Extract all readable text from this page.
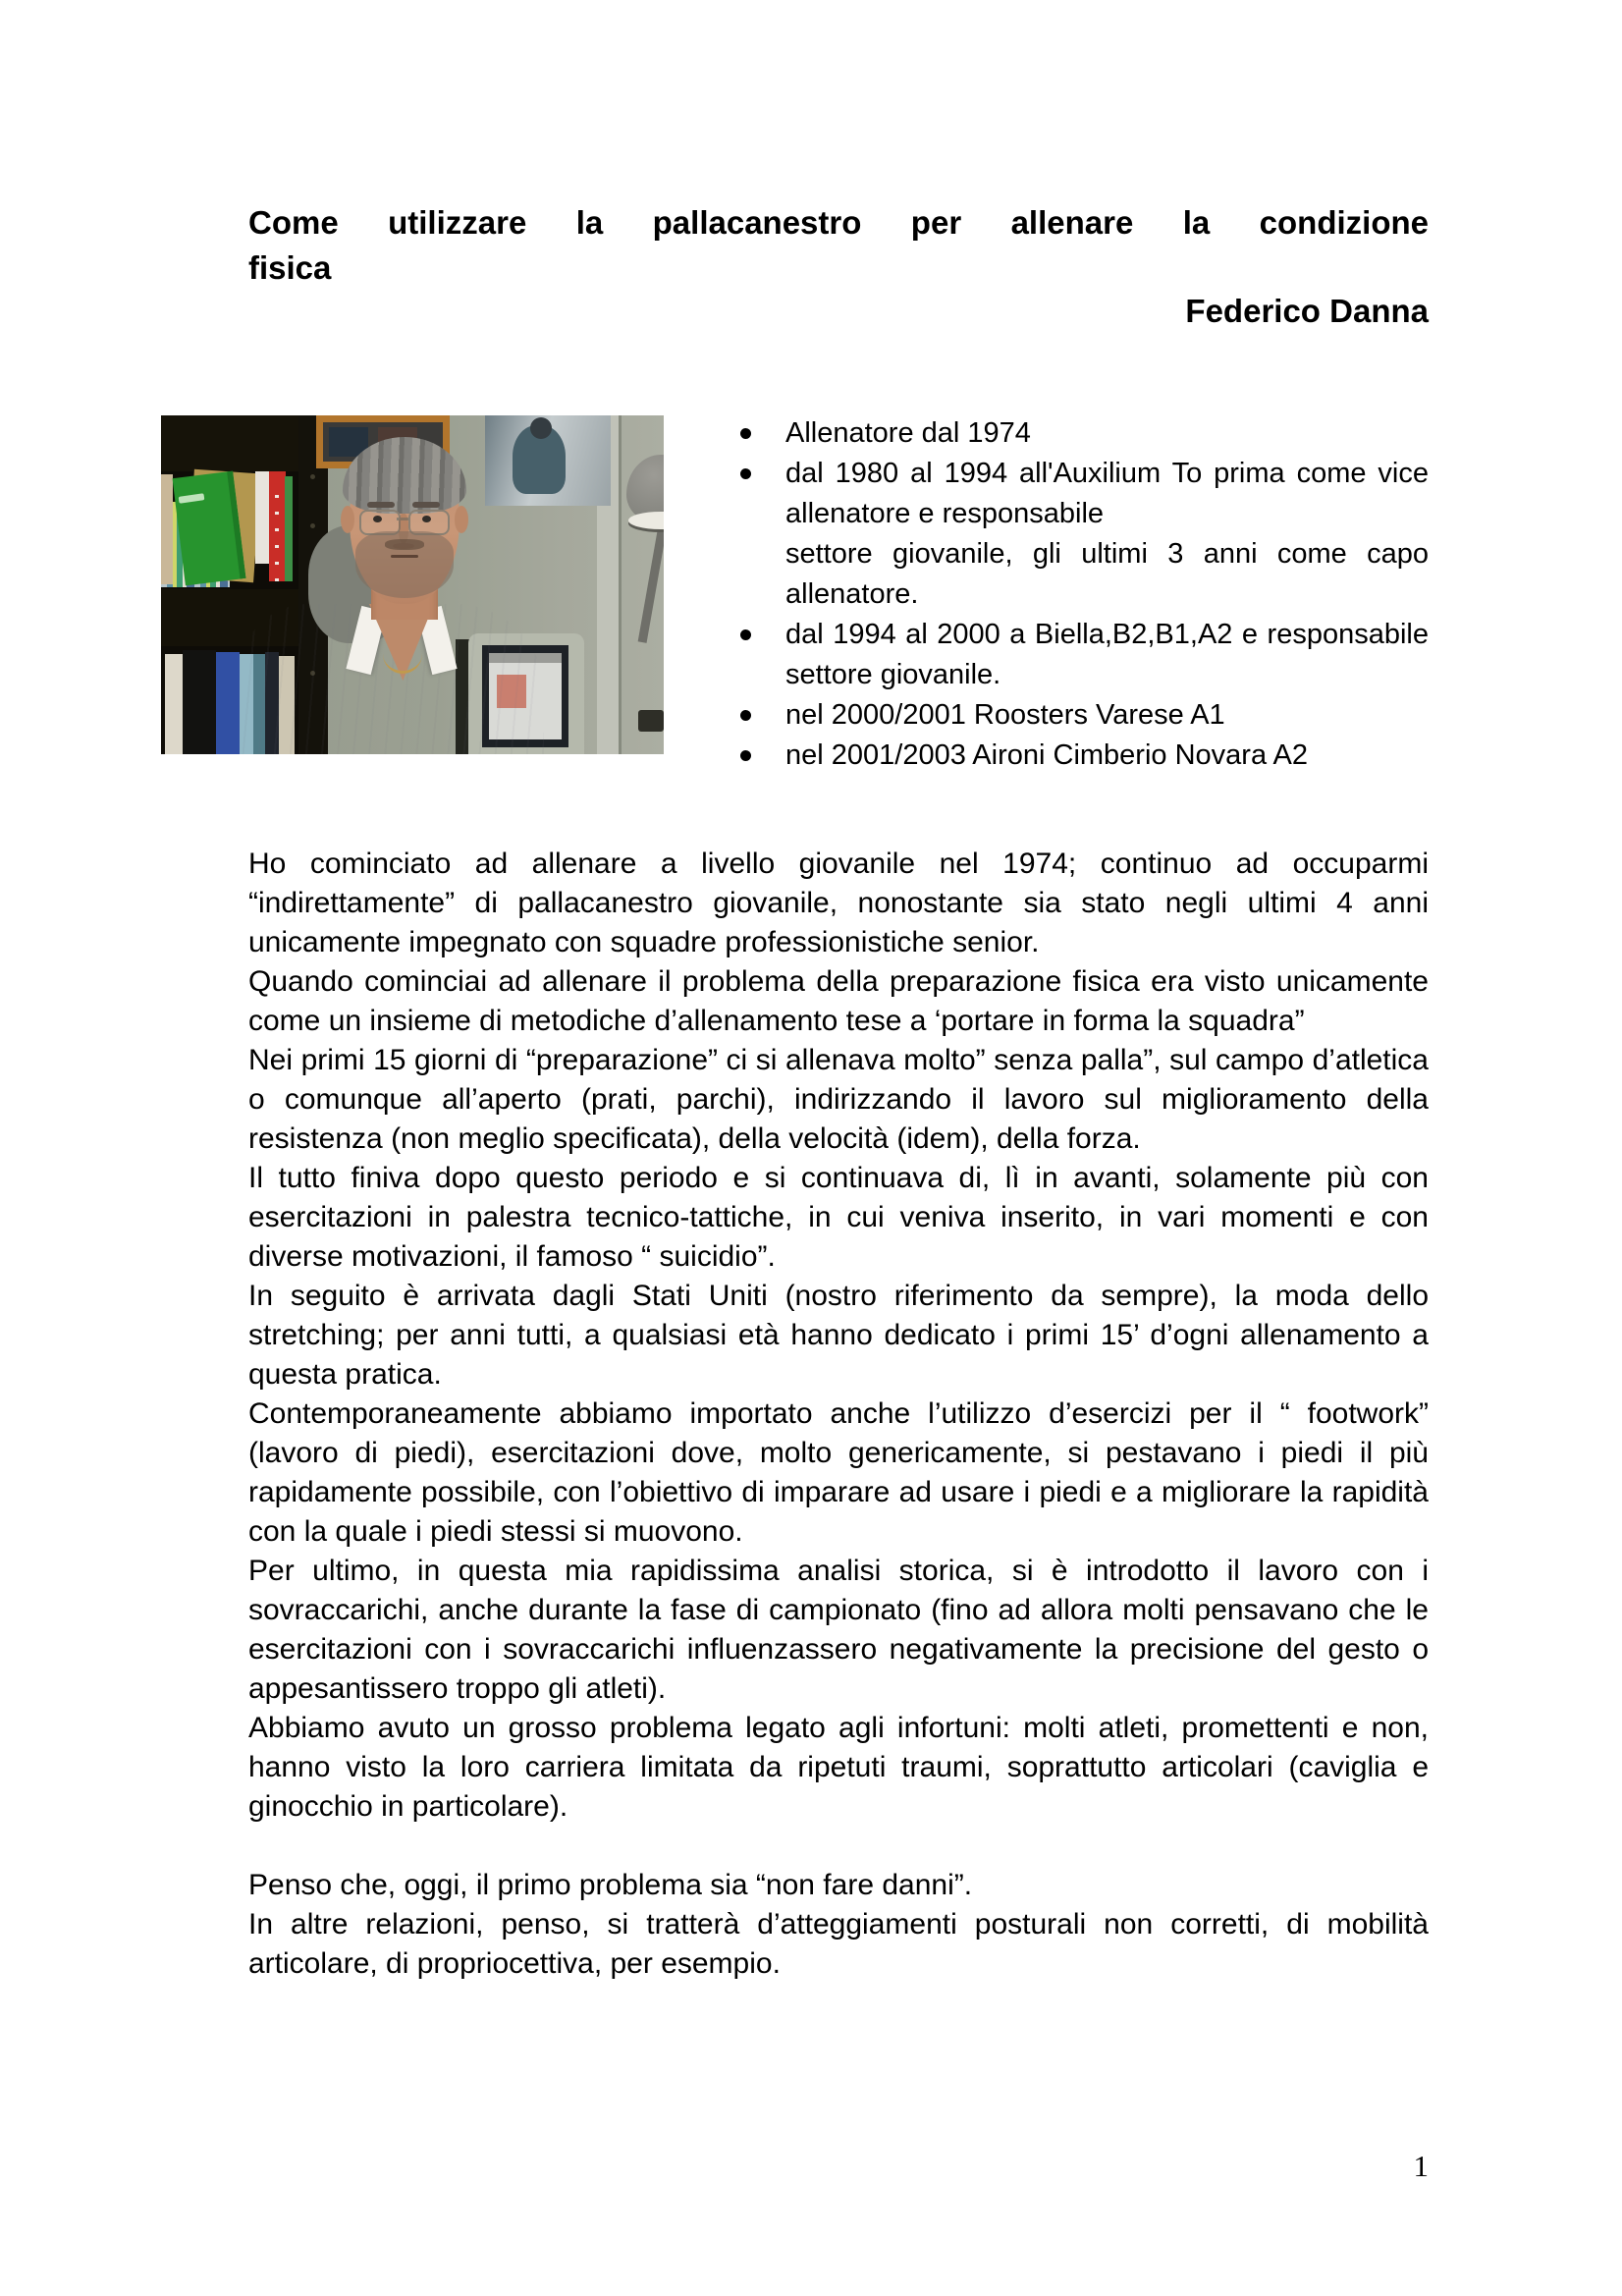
Come utilizzare la pallacanestro per allenare la condizione
fisica
Federico Danna
Allenatore dal 1974
dal 1980 al 1994 all'Auxilium To prima come vice allenatore e responsabile
settore giovanile, gli ultimi 3 anni come capo allenatore.
dal 1994 al 2000 a Biella,B2,B1,A2 e responsabile settore giovanile.
nel 2000/2001 Roosters Varese A1
nel 2001/2003 Aironi Cimberio Novara A2

Ho cominciato ad allenare a livello giovanile nel 1974; continuo ad occuparmi “indirettamente” di pallacanestro giovanile, nonostante sia stato negli ultimi 4 anni unicamente impegnato con squadre professionistiche senior.

Quando cominciai ad allenare il problema della preparazione fisica era visto unicamente come un insieme di metodiche d’allenamento tese a ‘portare in forma la squadra”

Nei primi 15 giorni di “preparazione” ci si allenava molto” senza palla”, sul campo d’atletica o comunque all’aperto (prati, parchi), indirizzando il lavoro sul miglioramento della resistenza (non meglio specificata), della velocità (idem), della forza.

Il tutto finiva dopo questo periodo e si continuava di, lì in avanti, solamente più con esercitazioni in palestra tecnico-tattiche, in cui veniva inserito, in vari momenti e con diverse motivazioni, il famoso “ suicidio”.

In seguito è arrivata dagli Stati Uniti (nostro riferimento da sempre), la moda dello stretching; per anni tutti, a qualsiasi età hanno dedicato i primi 15’ d’ogni allenamento a questa pratica.

Contemporaneamente abbiamo importato anche l’utilizzo d’esercizi per il “ footwork” (lavoro di piedi), esercitazioni dove, molto genericamente, si pestavano i piedi il più rapidamente possibile, con l’obiettivo di imparare ad usare i piedi e a migliorare la rapidità con la quale i piedi stessi si muovono.

Per ultimo, in questa mia rapidissima analisi storica, si è introdotto il lavoro con i sovraccarichi, anche durante la fase di campionato (fino ad allora molti pensavano che le esercitazioni con i sovraccarichi influenzassero negativamente la precisione del gesto o appesantissero troppo gli atleti).

Abbiamo avuto un grosso problema legato agli infortuni: molti atleti, promettenti e non, hanno visto la loro carriera limitata da ripetuti traumi, soprattutto articolari (caviglia e ginocchio in particolare).

Penso che, oggi, il primo problema sia “non fare danni”.

In altre relazioni, penso, si tratterà d’atteggiamenti posturali non corretti, di mobilità articolare, di propriocettiva, per esempio.

1
